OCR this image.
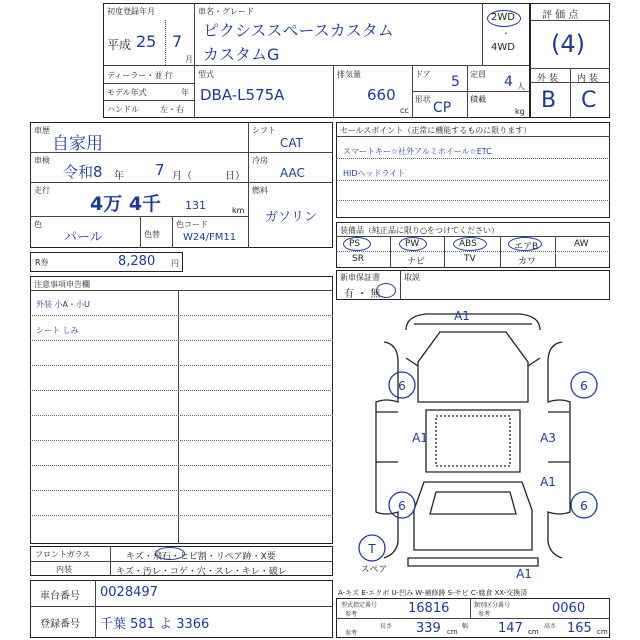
初度登録年月
平成 25 7
月
車名・グレード
ピクシススペースカスタム
カスタムG
2WD
・
4WD
ディーラー・並 行
モデル年式	年
ハンドル	左・右
型式
DBA-L575A
排気量
660
cc
ドア 5 定員 4 人
形状
CP
積載
kg
評 価 点
(4)
外 装 内 装
B C
車歴
自家用
車検
令和8 年 7 月（	日）
走行
4万 4千 131	km
色
パール	色替
色コード
W24/FM11
シフト
CAT
冷房
AAC
燃料
ガソリン
R券	8,280 円
セールスポイント（正常に機能するものに限ります）
スマートキー☆社外アルミホイール☆ETC
HIDヘッドライト
装備品（純正品に限り○をつけてください）
PS	PW	ABS	エアB	AW
SR	ナビ	TV	カワ
新車保証書
有 ・ 無
取説
注意事項申告欄
外装 小A・小U
シート しみ
フロントガラス	キズ・飛石・ヒビ割・リペア跡・X要
内装	キズ・汚レ・コゲ・穴・スレ・キレ・破レ
車台番号 0028497
登録番号 千葉 581 よ 3366
A1
6	6
A1	A3
A1
6	6
A1
T
スペア
A-キズ E-エクボ U-凹み W-補修跡 S-サビ C-腐食 XX-交換済
型式指定番号
参考	16816	類別区分番号
参考	0060
長さ 339 cm
幅 147 cm
高さ 165 cm
参考
